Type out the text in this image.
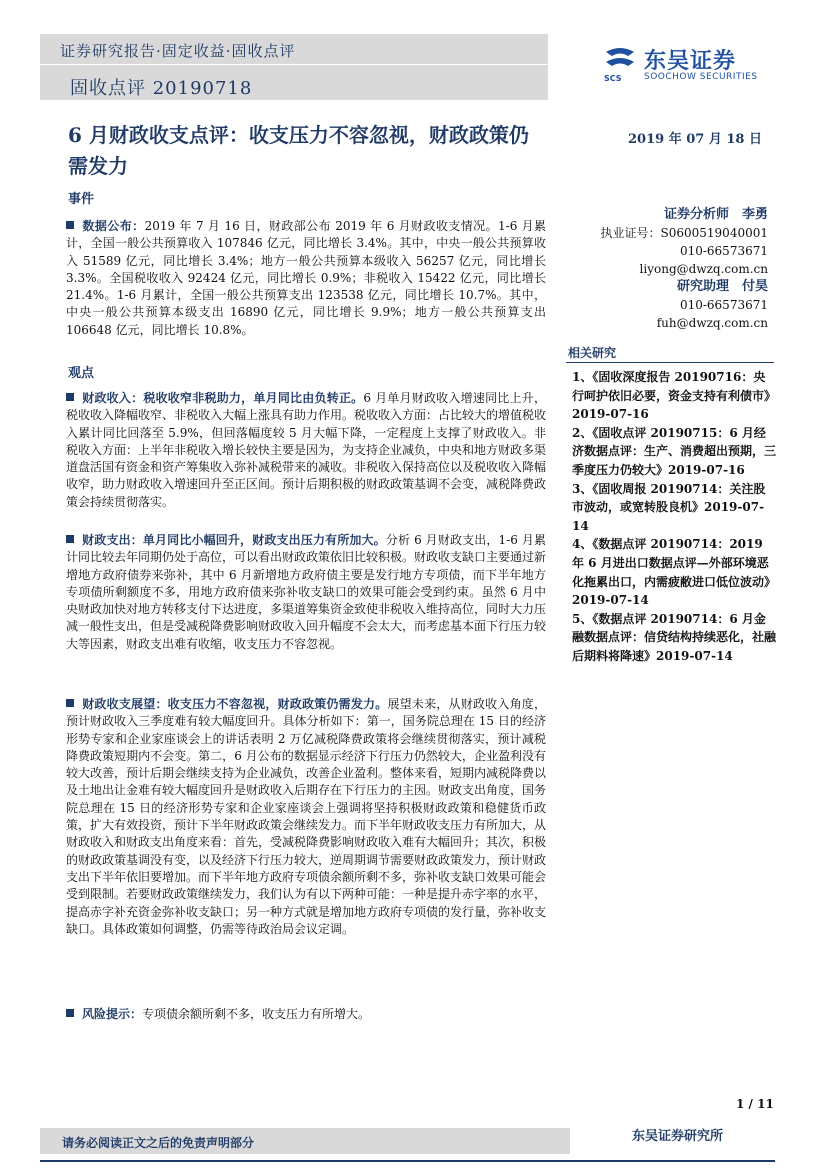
证券研究报告·固定收益·固收点评
固收点评 20190718	SCS
东吴证券
SOOCHOW SECURITIES
6 月财政收支点评：收支压力不容忽视，财政政策仍需发力
2019 年 07 月 18 日
事件
数据公布：2019 年 7 月 16 日，财政部公布 2019 年 6 月财政收支情况。1-6 月累计，全国一般公共预算收入 107846 亿元，同比增长 3.4%。其中，中央一般公共预算收入 51589 亿元，同比增长 3.4%；地方一般公共预算本级收入 56257 亿元，同比增长 3.3%。全国税收收入 92424 亿元，同比增长 0.9%；非税收入 15422 亿元，同比增长 21.4%。1-6 月累计，全国一般公共预算支出 123538 亿元，同比增长 10.7%。其中，中央一般公共预算本级支出 16890 亿元，同比增长 9.9%；地方一般公共预算支出 106648 亿元，同比增长 10.8%。
观点
财政收入：税收收窄非税助力，单月同比由负转正。6 月单月财政收入增速同比上升，税收收入降幅收窄、非税收入大幅上涨具有助力作用。税收收入方面：占比较大的增值税收入累计同比回落至 5.9%，但回落幅度较 5 月大幅下降，一定程度上支撑了财政收入。非税收入方面：上半年非税收入增长较快主要是因为，为支持企业减负，中央和地方财政多渠道盘活国有资金和资产筹集收入弥补减税带来的减收。非税收入保持高位以及税收收入降幅收窄，助力财政收入增速回升至正区间。预计后期积极的财政政策基调不会变，减税降费政策会持续贯彻落实。
财政支出：单月同比小幅回升，财政支出压力有所加大。分析 6 月财政支出，1-6 月累计同比较去年同期仍处于高位，可以看出财政政策依旧比较积极。财政收支缺口主要通过新增地方政府债券来弥补，其中 6 月新增地方政府债主要是发行地方专项债，而下半年地方专项债所剩额度不多，用地方政府债来弥补收支缺口的效果可能会受到约束。虽然 6 月中央财政加快对地方转移支付下达进度，多渠道筹集资金致使非税收入维持高位，同时大力压减一般性支出，但是受减税降费影响财政收入回升幅度不会太大，而考虑基本面下行压力较大等因素，财政支出难有收缩，收支压力不容忽视。
财政收支展望：收支压力不容忽视，财政政策仍需发力。展望未来，从财政收入角度，预计财政收入三季度难有较大幅度回升。具体分析如下：第一，国务院总理在 15 日的经济形势专家和企业家座谈会上的讲话表明 2 万亿减税降费政策将会继续贯彻落实，预计减税降费政策短期内不会变。第二，6 月公布的数据显示经济下行压力仍然较大，企业盈利没有较大改善，预计后期会继续支持为企业减负，改善企业盈利。整体来看，短期内减税降费以及土地出让金难有较大幅度回升是财政收入后期存在下行压力的主因。财政支出角度，国务院总理在 15 日的经济形势专家和企业家座谈会上强调将坚持积极财政政策和稳健货币政策，扩大有效投资，预计下半年财政政策会继续发力。而下半年财政收支压力有所加大，从财政收入和财政支出角度来看：首先，受减税降费影响财政收入难有大幅回升；其次，积极的财政政策基调没有变，以及经济下行压力较大，逆周期调节需要财政政策发力，预计财政支出下半年依旧要增加。而下半年地方政府专项债余额所剩不多，弥补收支缺口效果可能会受到限制。若要财政政策继续发力，我们认为有以下两种可能：一种是提升赤字率的水平，提高赤字补充资金弥补收支缺口；另一种方式就是增加地方政府专项债的发行量，弥补收支缺口。具体政策如何调整，仍需等待政治局会议定调。
风险提示：专项债余额所剩不多，收支压力有所增大。
证券分析师　李勇
执业证号：S0600519040001
010-66573671
liyong@dwzq.com.cn
研究助理　付昊
010-66573671
fuh@dwzq.com.cn
相关研究
1、《固收深度报告 20190716：央行呵护依旧必要，资金支持有利债市》2019-07-16
2、《固收点评 20190715：6 月经济数据点评：生产、消费超出预期，三季度压力仍较大》2019-07-16
3、《固收周报 20190714：关注股市波动，或宽转股良机》2019-07-14
4、《数据点评 20190714：2019 年 6 月进出口数据点评—外部环境恶化拖累出口，内需疲敝进口低位波动》2019-07-14
5、《数据点评 20190714：6 月金融数据点评：信贷结构持续恶化，社融后期料将降速》2019-07-14
1 / 11
请务必阅读正文之后的免责声明部分	东吴证券研究所
